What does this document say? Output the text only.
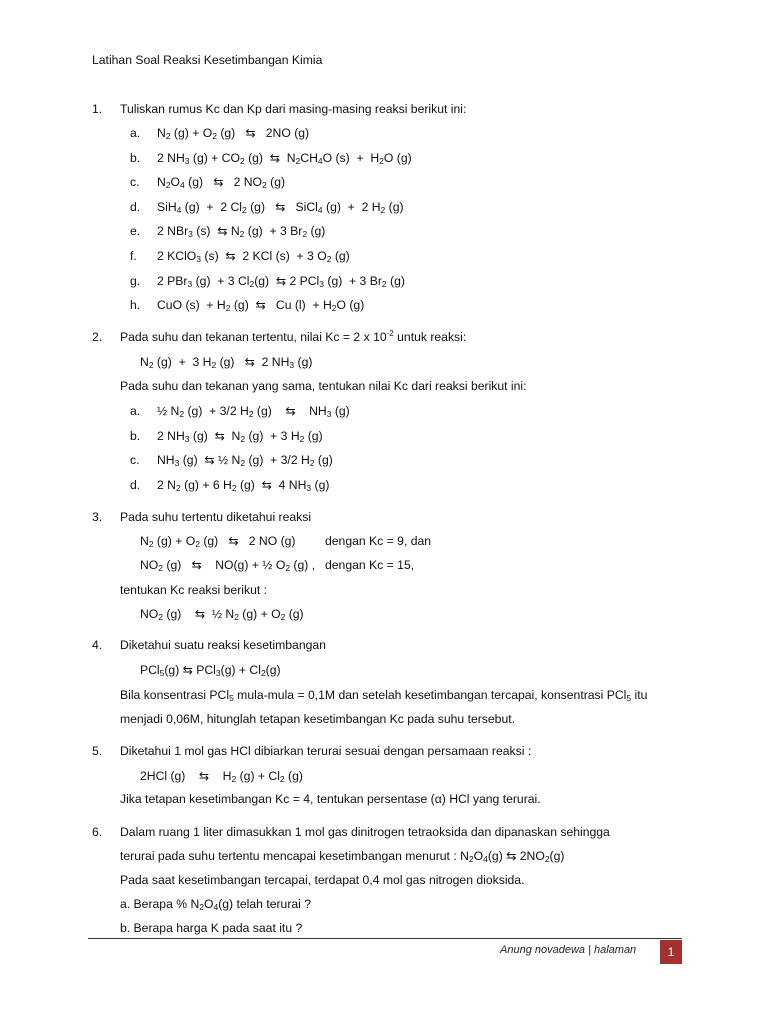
Latihan Soal Reaksi Kesetimbangan Kimia
1. Tuliskan rumus Kc dan Kp dari masing-masing reaksi berikut ini:
a. N2 (g) + O2 (g)   ⇆   2NO (g)
b. 2 NH3 (g) + CO2 (g)  ⇆  N2CH4O (s)  +  H2O (g)
c. N2O4 (g)   ⇆   2 NO2 (g)
d. SiH4 (g)  +  2 Cl2 (g)   ⇆   SiCl4 (g)  +  2 H2 (g)
e. 2 NBr3 (s)  ⇆ N2 (g)  + 3 Br2 (g)
f. 2 KClO3 (s)  ⇆  2 KCl (s)  + 3 O2 (g)
g. 2 PBr3 (g)  + 3 Cl2(g)  ⇆ 2 PCl3 (g)  + 3 Br2 (g)
h. CuO (s)  + H2 (g)  ⇆   Cu (l)  + H2O (g)
2. Pada suhu dan tekanan tertentu, nilai Kc = 2 x $10^{-2}$ untuk reaksi:
N2 (g)  +  3 H2 (g)   ⇆  2 NH3 (g)
Pada suhu dan tekanan yang sama, tentukan nilai Kc dari reaksi berikut ini:
a. ½ N2 (g)  + 3/2 H2 (g)    ⇆    NH3 (g)
b. 2 NH3 (g)  ⇆  N2 (g)  + 3 H2 (g)
c. NH3 (g)  ⇆ ½ N2 (g)  + 3/2 H2 (g)
d. 2 N2 (g) + 6 H2 (g)  ⇆  4 NH3 (g)
3. Pada suhu tertentu diketahui reaksi
N2 (g) + O2 (g)   ⇆   2 NO (g) dengan Kc = 9, dan
NO2 (g)   ⇆    NO(g) + ½ O2 (g) , dengan Kc = 15,
tentukan Kc reaksi berikut :
NO2 (g)    ⇆  ½ N2 (g) + O2 (g)
4. Diketahui suatu reaksi kesetimbangan
PCl5(g) ⇆ PCl3(g) + Cl2(g)
Bila konsentrasi PCl5 mula-mula = 0,1M dan setelah kesetimbangan tercapai, konsentrasi PCl5 itu
menjadi 0,06M, hitunglah tetapan kesetimbangan Kc pada suhu tersebut.
5. Diketahui 1 mol gas HCl dibiarkan terurai sesuai dengan persamaan reaksi :
2HCl (g)    ⇆    H2 (g) + Cl2 (g)
Jika tetapan kesetimbangan Kc = 4, tentukan persentase (α) HCl yang terurai.
6. Dalam ruang 1 liter dimasukkan 1 mol gas dinitrogen tetraoksida dan dipanaskan sehingga
terurai pada suhu tertentu mencapai kesetimbangan menurut : N2O4(g) ⇆ 2NO2(g)
Pada saat kesetimbangan tercapai, terdapat 0,4 mol gas nitrogen dioksida.
a. Berapa % N2O4(g) telah terurai ?
b. Berapa harga K pada saat itu ?
Anung novadewa | halaman	1
